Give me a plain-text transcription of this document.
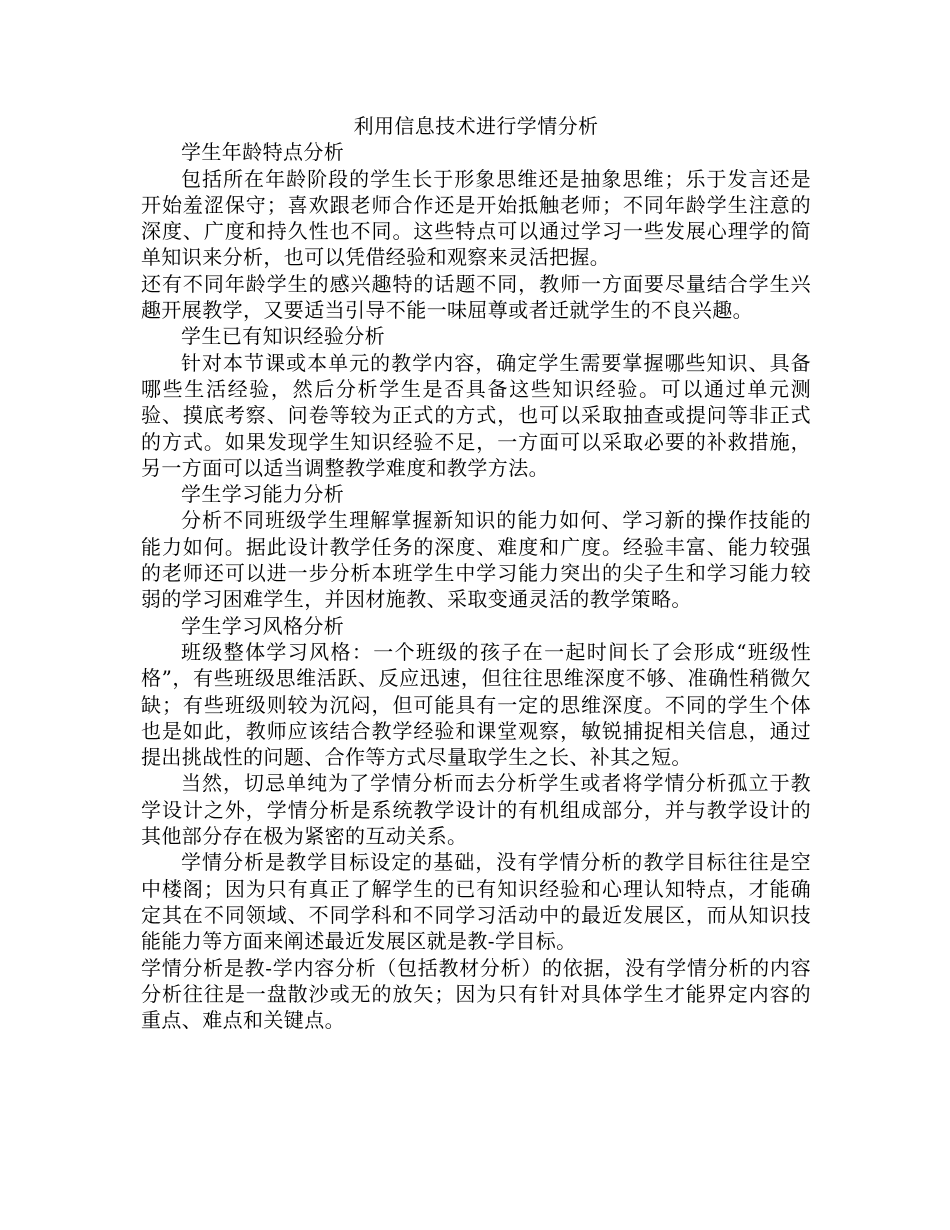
利用信息技术进行学情分析

学生年龄特点分析

包括所在年龄阶段的学生长于形象思维还是抽象思维；乐于发言还是开始羞涩保守；喜欢跟老师合作还是开始抵触老师；不同年龄学生注意的深度、广度和持久性也不同。这些特点可以通过学习一些发展心理学的简单知识来分析，也可以凭借经验和观察来灵活把握。

还有不同年龄学生的感兴趣特的话题不同，教师一方面要尽量结合学生兴趣开展教学，又要适当引导不能一味屈尊或者迁就学生的不良兴趣。

学生已有知识经验分析

针对本节课或本单元的教学内容，确定学生需要掌握哪些知识、具备哪些生活经验，然后分析学生是否具备这些知识经验。可以通过单元测验、摸底考察、问卷等较为正式的方式，也可以采取抽查或提问等非正式的方式。如果发现学生知识经验不足，一方面可以采取必要的补救措施，另一方面可以适当调整教学难度和教学方法。

学生学习能力分析

分析不同班级学生理解掌握新知识的能力如何、学习新的操作技能的能力如何。据此设计教学任务的深度、难度和广度。经验丰富、能力较强的老师还可以进一步分析本班学生中学习能力突出的尖子生和学习能力较弱的学习困难学生，并因材施教、采取变通灵活的教学策略。

学生学习风格分析

班级整体学习风格：一个班级的孩子在一起时间长了会形成“班级性格”，有些班级思维活跃、反应迅速，但往往思维深度不够、准确性稍微欠缺；有些班级则较为沉闷，但可能具有一定的思维深度。不同的学生个体也是如此，教师应该结合教学经验和课堂观察，敏锐捕捉相关信息，通过提出挑战性的问题、合作等方式尽量取学生之长、补其之短。

当然，切忌单纯为了学情分析而去分析学生或者将学情分析孤立于教学设计之外，学情分析是系统教学设计的有机组成部分，并与教学设计的其他部分存在极为紧密的互动关系。

学情分析是教学目标设定的基础，没有学情分析的教学目标往往是空中楼阁；因为只有真正了解学生的已有知识经验和心理认知特点，才能确定其在不同领域、不同学科和不同学习活动中的最近发展区，而从知识技能能力等方面来阐述最近发展区就是教-学目标。

学情分析是教-学内容分析（包括教材分析）的依据，没有学情分析的内容分析往往是一盘散沙或无的放矢；因为只有针对具体学生才能界定内容的重点、难点和关键点。
